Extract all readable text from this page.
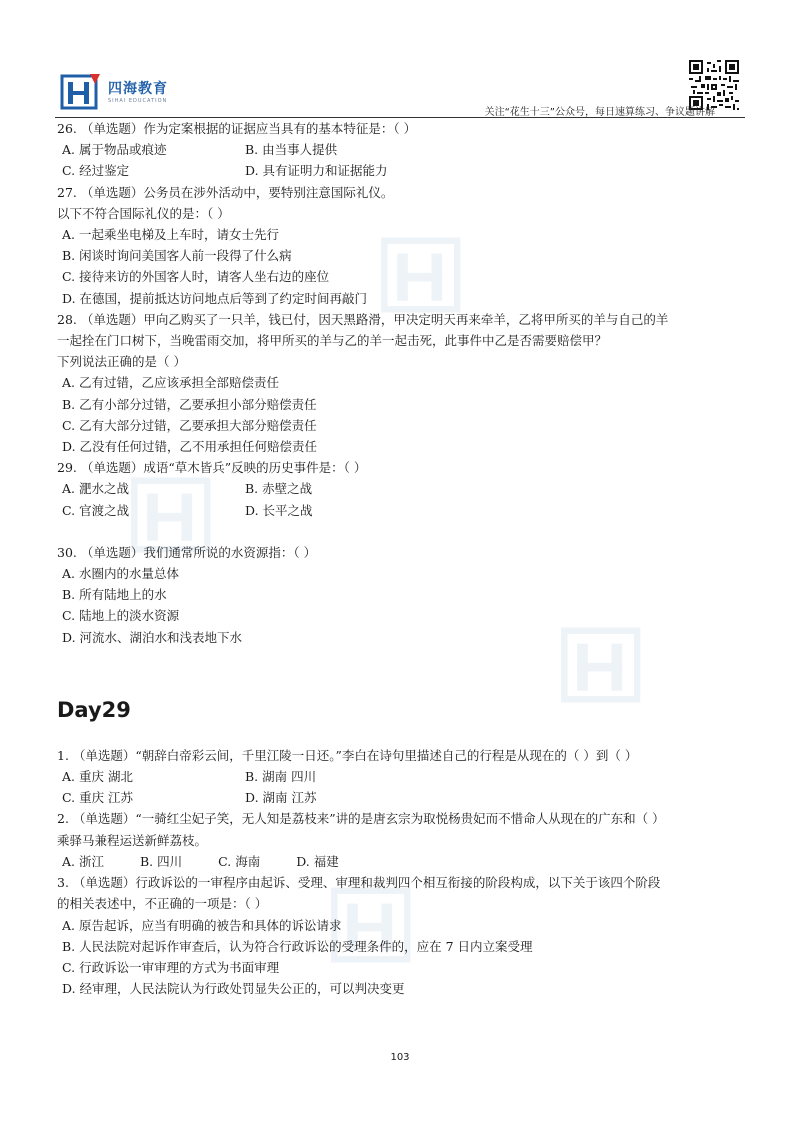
四海教育
SIHAI EDUCATION
关注“花生十三”公众号，每日速算练习、争议题讲解
26. （单选题）作为定案根据的证据应当具有的基本特征是：（ ）
A. 属于物品或痕迹	B. 由当事人提供
C. 经过鉴定	D. 具有证明力和证据能力
27. （单选题）公务员在涉外活动中，要特别注意国际礼仪。
以下不符合国际礼仪的是：（ ）
A. 一起乘坐电梯及上车时，请女士先行
B. 闲谈时询问美国客人前一段得了什么病
C. 接待来访的外国客人时，请客人坐右边的座位
D. 在德国，提前抵达访问地点后等到了约定时间再敲门
28. （单选题）甲向乙购买了一只羊，钱已付，因天黑路滑，甲决定明天再来牵羊，乙将甲所买的羊与自己的羊
一起拴在门口树下，当晚雷雨交加，将甲所买的羊与乙的羊一起击死，此事件中乙是否需要赔偿甲？
下列说法正确的是（ ）
A. 乙有过错，乙应该承担全部赔偿责任
B. 乙有小部分过错，乙要承担小部分赔偿责任
C. 乙有大部分过错，乙要承担大部分赔偿责任
D. 乙没有任何过错，乙不用承担任何赔偿责任
29. （单选题）成语“草木皆兵”反映的历史事件是：（ ）
A. 淝水之战	B. 赤壁之战
C. 官渡之战	D. 长平之战
30. （单选题）我们通常所说的水资源指：（ ）
A. 水圈内的水量总体
B. 所有陆地上的水
C. 陆地上的淡水资源
D. 河流水、湖泊水和浅表地下水
Day29
1. （单选题）“朝辞白帝彩云间，千里江陵一日还。”李白在诗句里描述自己的行程是从现在的（ ）到（ ）
A. 重庆 湖北	B. 湖南 四川
C. 重庆 江苏	D. 湖南 江苏
2. （单选题）“一骑红尘妃子笑，无人知是荔枝来”讲的是唐玄宗为取悦杨贵妃而不惜命人从现在的广东和（ ）
乘驿马兼程运送新鲜荔枝。
A. 浙江	B. 四川	C. 海南	D. 福建
3. （单选题）行政诉讼的一审程序由起诉、受理、审理和裁判四个相互衔接的阶段构成，以下关于该四个阶段
的相关表述中，不正确的一项是：（ ）
A. 原告起诉，应当有明确的被告和具体的诉讼请求
B. 人民法院对起诉作审查后，认为符合行政诉讼的受理条件的，应在 7 日内立案受理
C. 行政诉讼一审审理的方式为书面审理
D. 经审理，人民法院认为行政处罚显失公正的，可以判决变更
103
